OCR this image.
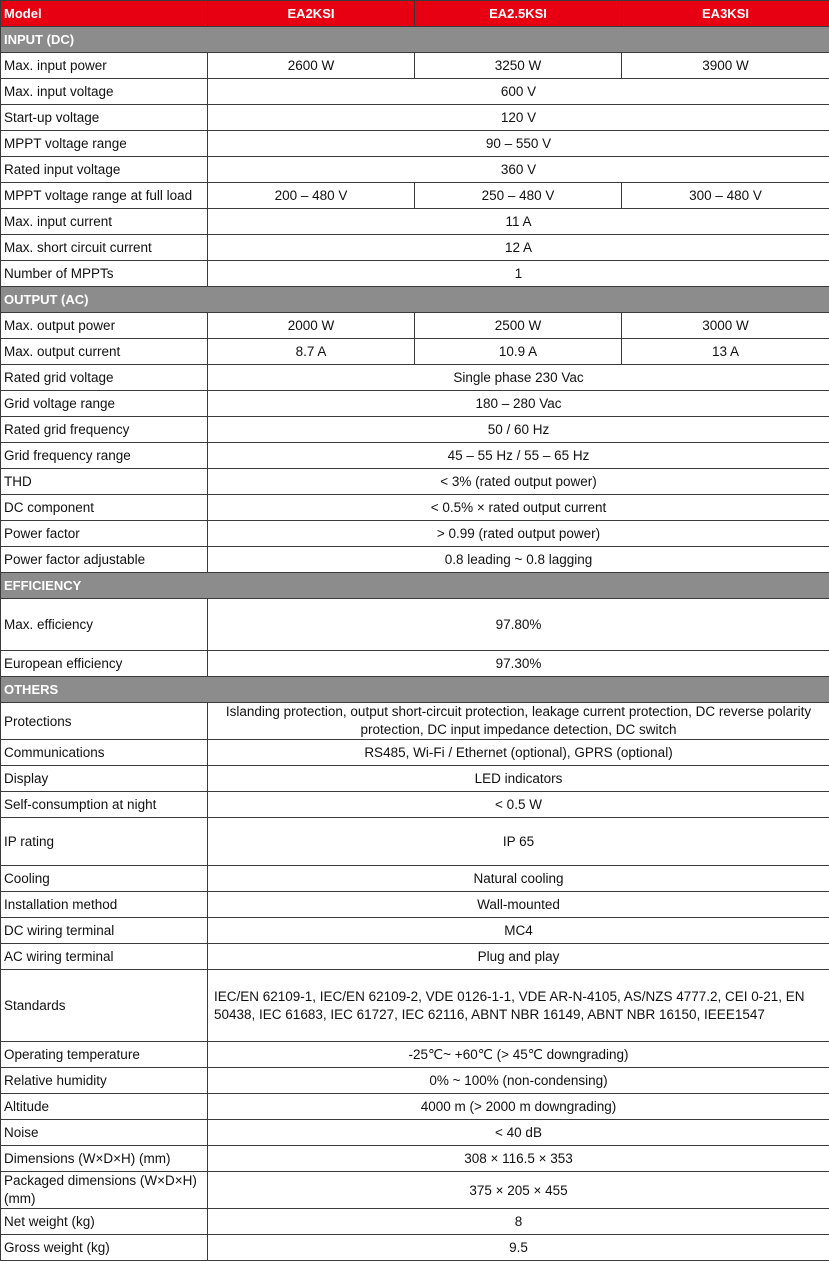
Model	EA2KSI	EA2.5KSI	EA3KSI
INPUT (DC)			
Max. input power	2600 W	3250 W	3900 W
Max. input voltage	600 V		
Start-up voltage	120 V		
MPPT voltage range	90 – 550 V		
Rated input voltage	360 V		
MPPT voltage range at full load	200 – 480 V	250 – 480 V	300 – 480 V
Max. input current	11 A		
Max. short circuit current	12 A		
Number of MPPTs	1		
OUTPUT (AC)			
Max. output power	2000 W	2500 W	3000 W
Max. output current	8.7 A	10.9 A	13 A
Rated grid voltage	Single phase 230 Vac		
Grid voltage range	180 – 280 Vac		
Rated grid frequency	50 / 60 Hz		
Grid frequency range	45 – 55 Hz / 55 – 65 Hz		
THD	< 3% (rated output power)		
DC component	< 0.5% × rated output current		
Power factor	> 0.99 (rated output power)		
Power factor adjustable	0.8 leading ~ 0.8 lagging		
EFFICIENCY			
Max. efficiency	97.80%		
European efficiency	97.30%		
OTHERS			
Protections	Islanding protection, output short-circuit protection, leakage current protection, DC reverse polarity protection, DC input impedance detection, DC switch		
Communications	RS485, Wi-Fi / Ethernet (optional), GPRS (optional)		
Display	LED indicators		
Self-consumption at night	< 0.5 W		
IP rating	IP 65		
Cooling	Natural cooling		
Installation method	Wall-mounted		
DC wiring terminal	MC4		
AC wiring terminal	Plug and play		
Standards	IEC/EN 62109-1, IEC/EN 62109-2, VDE 0126-1-1, VDE AR-N-4105, AS/NZS 4777.2, CEI 0-21, EN 50438, IEC 61683, IEC 61727, IEC 62116, ABNT NBR 16149, ABNT NBR 16150, IEEE1547		
Operating temperature	-25℃~ +60℃ (> 45℃ downgrading)		
Relative humidity	0% ~ 100% (non-condensing)		
Altitude	4000 m (> 2000 m downgrading)		
Noise	< 40 dB		
Dimensions (W×D×H) (mm)	308 × 116.5 × 353		
Packaged dimensions (W×D×H) (mm)	375 × 205 × 455		
Net weight (kg)	8		
Gross weight (kg)	9.5		
